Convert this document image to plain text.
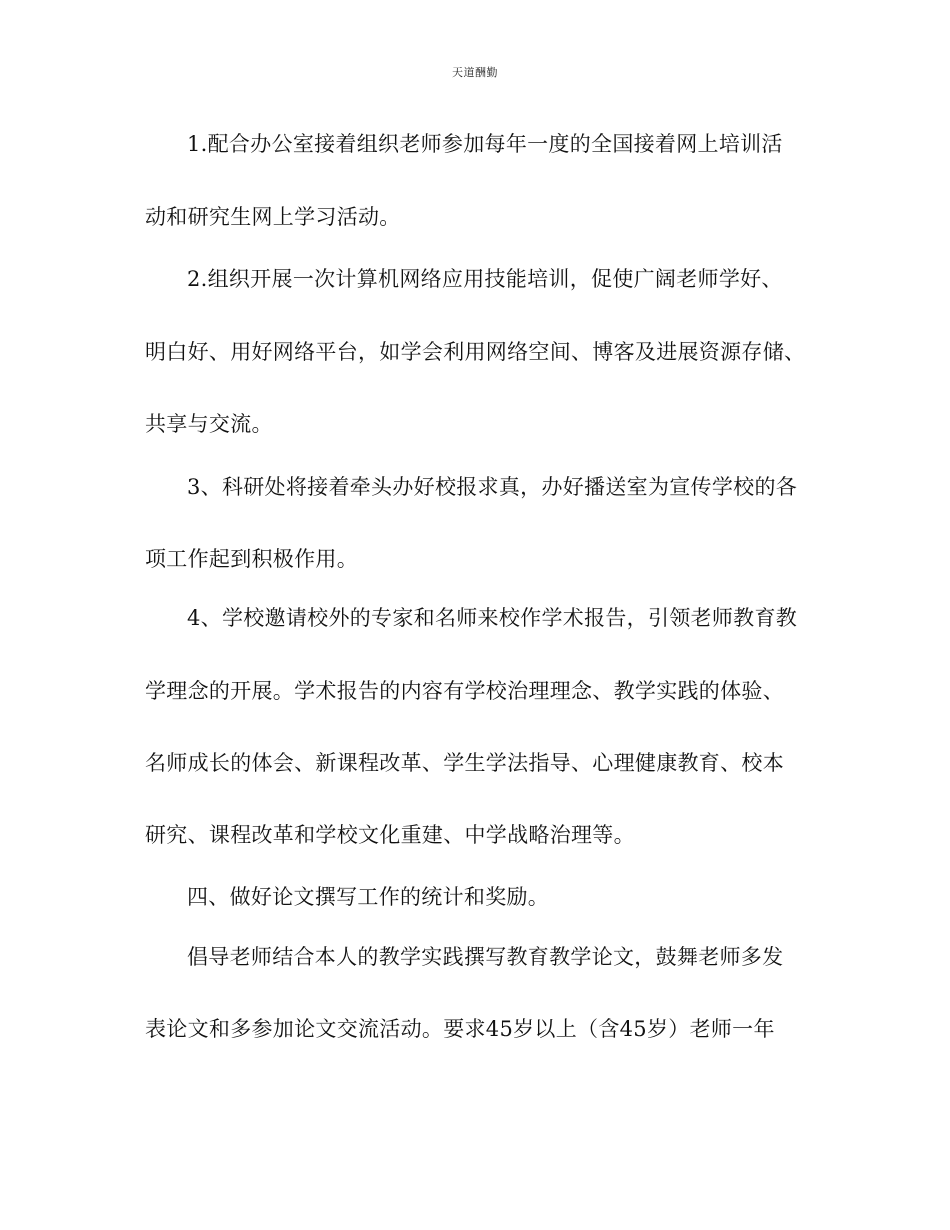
天道酬勤
1.配合办公室接着组织老师参加每年一度的全国接着网上培训活
动和研究生网上学习活动。
2.组织开展一次计算机网络应用技能培训，促使广阔老师学好、
明白好、用好网络平台，如学会利用网络空间、博客及进展资源存储、
共享与交流。
3、科研处将接着牵头办好校报求真，办好播送室为宣传学校的各
项工作起到积极作用。
4、学校邀请校外的专家和名师来校作学术报告，引领老师教育教
学理念的开展。学术报告的内容有学校治理理念、教学实践的体验、
名师成长的体会、新课程改革、学生学法指导、心理健康教育、校本
研究、课程改革和学校文化重建、中学战略治理等。
四、做好论文撰写工作的统计和奖励。
倡导老师结合本人的教学实践撰写教育教学论文，鼓舞老师多发
表论文和多参加论文交流活动。要求45岁以上（含45岁）老师一年
